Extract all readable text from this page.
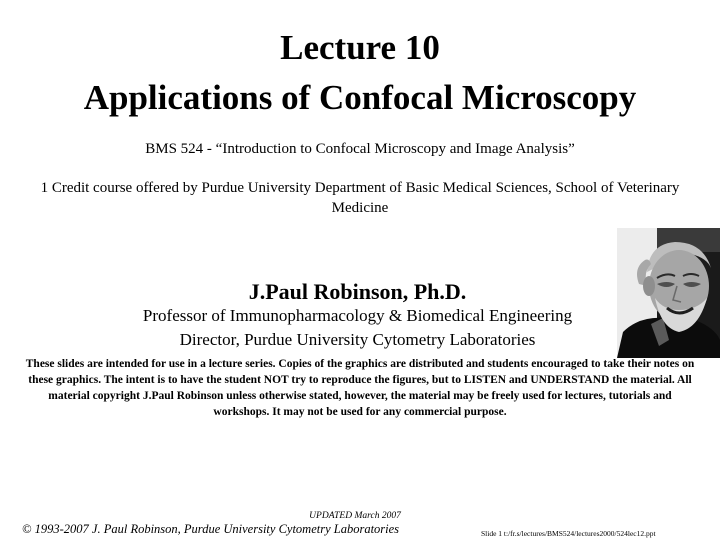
Lecture 10
Applications of Confocal Microscopy
BMS 524 - “Introduction to Confocal Microscopy and Image Analysis”
1 Credit course offered by Purdue University Department of Basic Medical Sciences, School of Veterinary Medicine
J.Paul Robinson, Ph.D.
Professor of Immunopharmacology & Biomedical Engineering
Director, Purdue University Cytometry Laboratories
These slides are intended for use in a lecture series. Copies of the graphics are distributed and students encouraged to take their notes on these graphics. The intent is to have the student NOT try to reproduce the figures, but to LISTEN and UNDERSTAND the material. All material copyright J.Paul Robinson unless otherwise stated, however, the material may be freely used for lectures, tutorials and workshops. It may not be used for any commercial purpose.
UPDATED March 2007
© 1993-2007 J. Paul Robinson, Purdue University Cytometry Laboratories	Slide 1 t:/fr.s/lectures/BMS524/lectures2000/524lec12.ppt
